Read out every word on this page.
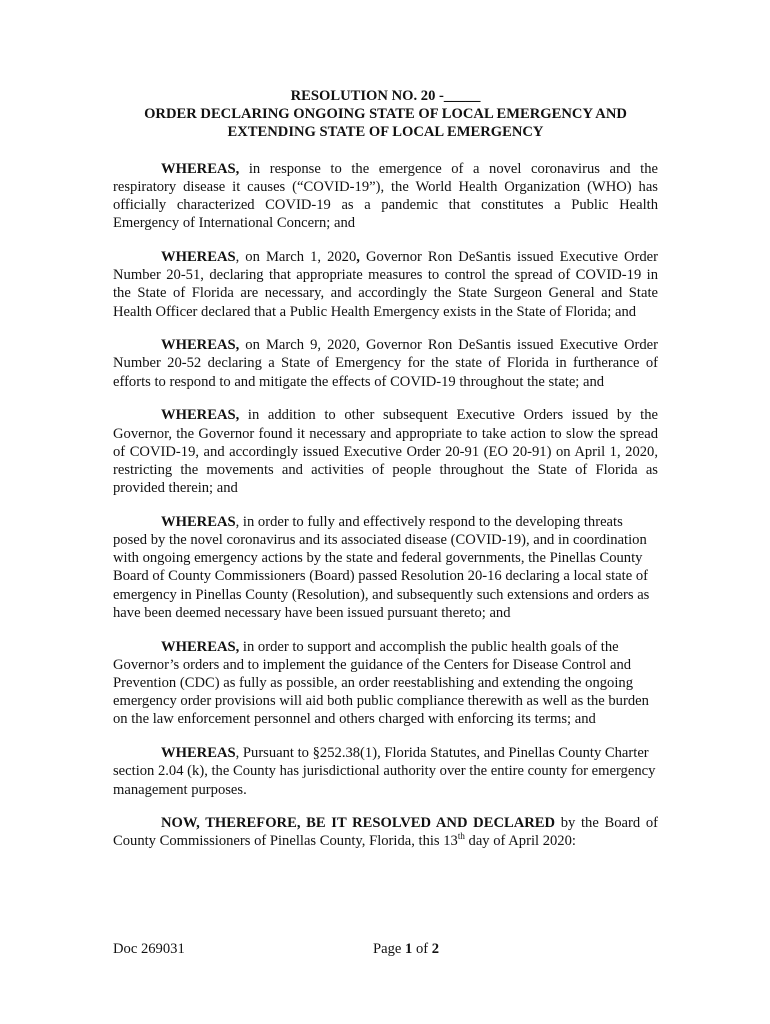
RESOLUTION NO. 20 -_____
ORDER DECLARING ONGOING STATE OF LOCAL EMERGENCY AND
EXTENDING STATE OF LOCAL EMERGENCY

WHEREAS, in response to the emergence of a novel coronavirus and the respiratory disease it causes (“COVID-19”), the World Health Organization (WHO) has officially characterized COVID-19 as a pandemic that constitutes a Public Health Emergency of International Concern; and

WHEREAS, on March 1, 2020, Governor Ron DeSantis issued Executive Order Number 20-51, declaring that appropriate measures to control the spread of COVID-19 in the State of Florida are necessary, and accordingly the State Surgeon General and State Health Officer declared that a Public Health Emergency exists in the State of Florida; and

WHEREAS, on March 9, 2020, Governor Ron DeSantis issued Executive Order Number 20-52 declaring a State of Emergency for the state of Florida in furtherance of efforts to respond to and mitigate the effects of COVID-19 throughout the state; and

WHEREAS, in addition to other subsequent Executive Orders issued by the Governor, the Governor found it necessary and appropriate to take action to slow the spread of COVID-19, and accordingly issued Executive Order 20-91 (EO 20-91) on April 1, 2020, restricting the movements and activities of people throughout the State of Florida as provided therein; and

WHEREAS, in order to fully and effectively respond to the developing threats posed by the novel coronavirus and its associated disease (COVID-19), and in coordination with ongoing emergency actions by the state and federal governments, the Pinellas County Board of County Commissioners (Board) passed Resolution 20-16 declaring a local state of emergency in Pinellas County (Resolution), and subsequently such extensions and orders as have been deemed necessary have been issued pursuant thereto; and

WHEREAS, in order to support and accomplish the public health goals of the Governor’s orders and to implement the guidance of the Centers for Disease Control and Prevention (CDC) as fully as possible, an order reestablishing and extending the ongoing emergency order provisions will aid both public compliance therewith as well as the burden on the law enforcement personnel and others charged with enforcing its terms; and

WHEREAS, Pursuant to §252.38(1), Florida Statutes, and Pinellas County Charter section 2.04 (k), the County has jurisdictional authority over the entire county for emergency management purposes.

NOW, THEREFORE, BE IT RESOLVED AND DECLARED by the Board of County Commissioners of Pinellas County, Florida, this 13th day of April 2020:

Doc 269031	Page 1 of 2
